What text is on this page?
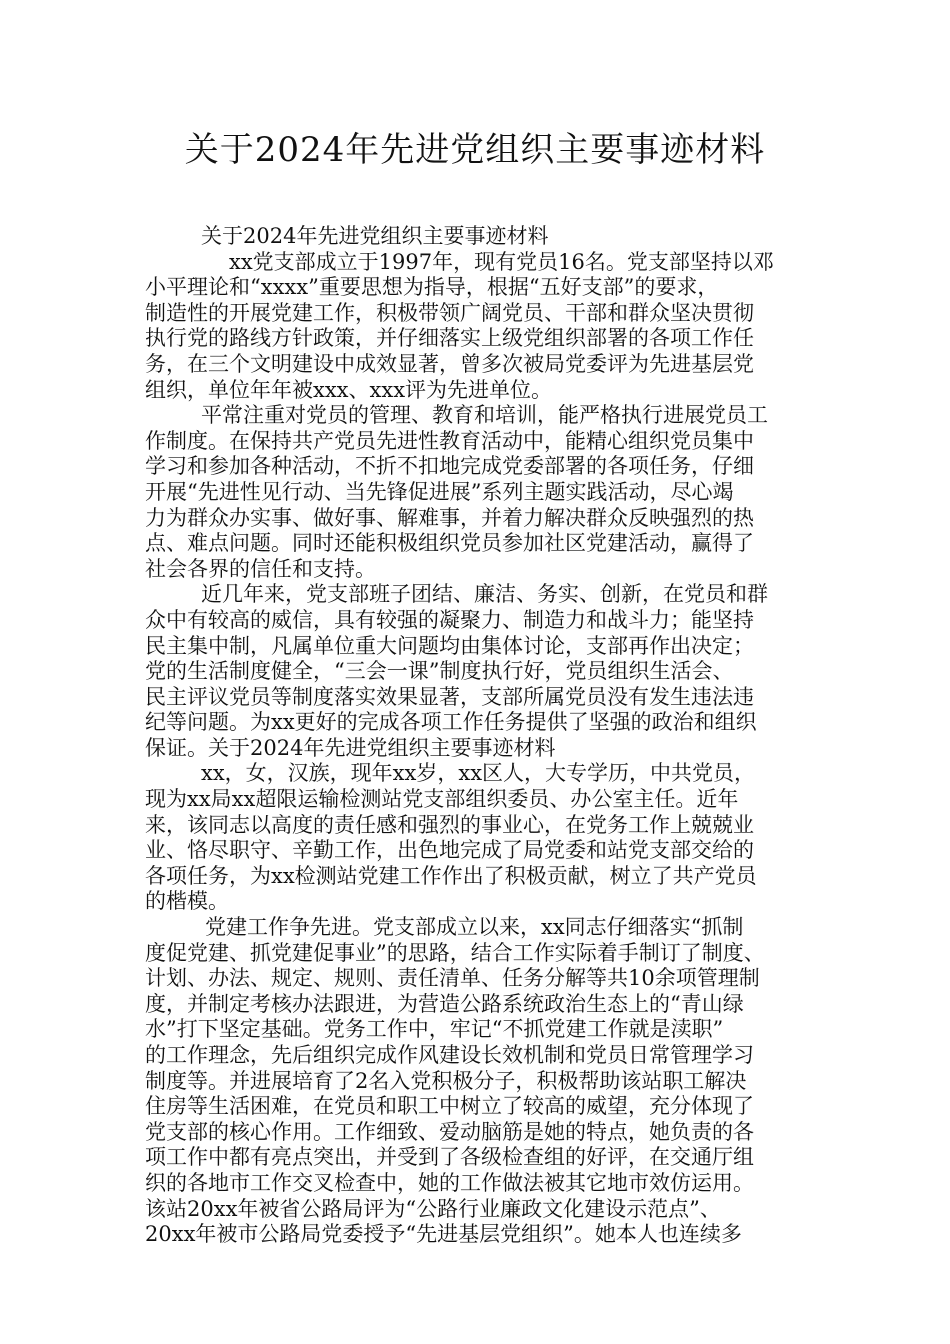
关于2024年先进党组织主要事迹材料
关于2024年先进党组织主要事迹材料
xx党支部成立于1997年，现有党员16名。党支部坚持以邓
小平理论和“xxxx”重要思想为指导，根据“五好支部”的要求，
制造性的开展党建工作，积极带领广阔党员、干部和群众坚决贯彻
执行党的路线方针政策，并仔细落实上级党组织部署的各项工作任
务，在三个文明建设中成效显著，曾多次被局党委评为先进基层党
组织，单位年年被xxx、xxx评为先进单位。
平常注重对党员的管理、教育和培训，能严格执行进展党员工
作制度。在保持共产党员先进性教育活动中，能精心组织党员集中
学习和参加各种活动，不折不扣地完成党委部署的各项任务，仔细
开展“先进性见行动、当先锋促进展”系列主题实践活动，尽心竭
力为群众办实事、做好事、解难事，并着力解决群众反映强烈的热
点、难点问题。同时还能积极组织党员参加社区党建活动，赢得了
社会各界的信任和支持。
近几年来，党支部班子团结、廉洁、务实、创新，在党员和群
众中有较高的威信，具有较强的凝聚力、制造力和战斗力；能坚持
民主集中制，凡属单位重大问题均由集体讨论，支部再作出决定；
党的生活制度健全，“三会一课”制度执行好，党员组织生活会、
民主评议党员等制度落实效果显著，支部所属党员没有发生违法违
纪等问题。为xx更好的完成各项工作任务提供了坚强的政治和组织
保证。关于2024年先进党组织主要事迹材料
xx，女，汉族，现年xx岁，xx区人，大专学历，中共党员，
现为xx局xx超限运输检测站党支部组织委员、办公室主任。近年
来，该同志以高度的责任感和强烈的事业心，在党务工作上兢兢业
业、恪尽职守、辛勤工作，出色地完成了局党委和站党支部交给的
各项任务，为xx检测站党建工作作出了积极贡献，树立了共产党员
的楷模。
党建工作争先进。党支部成立以来，xx同志仔细落实“抓制
度促党建、抓党建促事业”的思路，结合工作实际着手制订了制度、
计划、办法、规定、规则、责任清单、任务分解等共10余项管理制
度，并制定考核办法跟进，为营造公路系统政治生态上的“青山绿
水”打下坚定基础。党务工作中，牢记“不抓党建工作就是渎职”
的工作理念，先后组织完成作风建设长效机制和党员日常管理学习
制度等。并进展培育了2名入党积极分子，积极帮助该站职工解决
住房等生活困难，在党员和职工中树立了较高的威望，充分体现了
党支部的核心作用。工作细致、爱动脑筋是她的特点，她负责的各
项工作中都有亮点突出，并受到了各级检查组的好评，在交通厅组
织的各地市工作交叉检查中，她的工作做法被其它地市效仿运用。
该站20xx年被省公路局评为“公路行业廉政文化建设示范点”、
20xx年被市公路局党委授予“先进基层党组织”。她本人也连续多
